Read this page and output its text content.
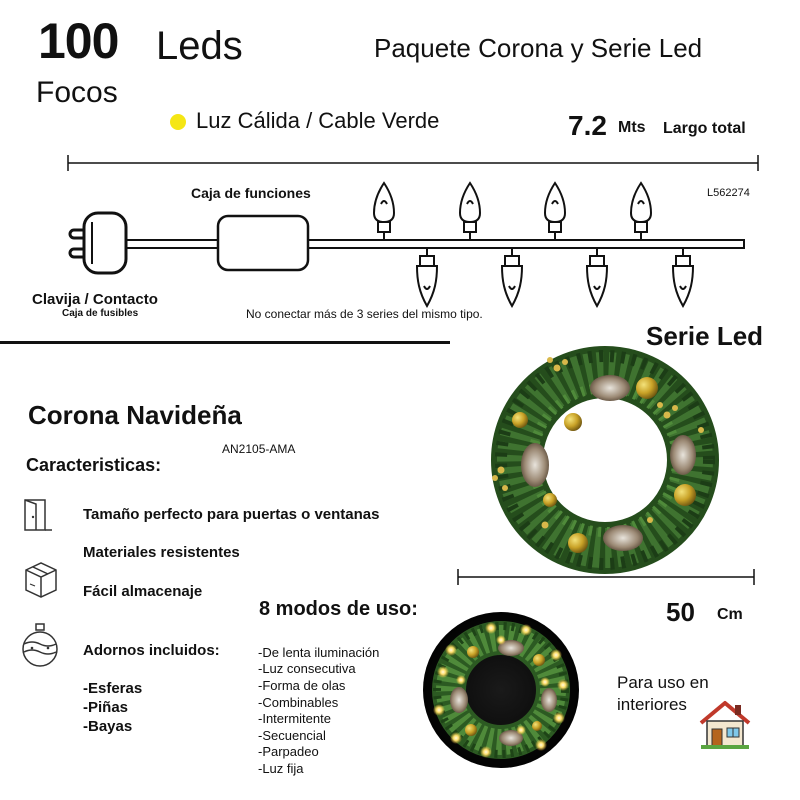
100 Leds
Focos
Paquete Corona y Serie Led
Luz Cálida / Cable Verde	7.2 Mts Largo total
L562274
Caja de funciones
Clavija / Contacto
Caja de fusibles	No conectar más de 3 series del mismo tipo.
Serie Led
50 Cm
Corona Navideña
AN2105-AMA
Caracteristicas:
Tamaño perfecto para puertas o ventanas
Materiales resistentes
Fácil almacenaje
Adornos incluidos:
-Esferas
-Piñas
-Bayas
8 modos de uso:
-De lenta iluminación
-Luz consecutiva
-Forma de olas
-Combinables
-Intermitente
-Secuencial
-Parpadeo
-Luz fija
Para uso en interiores
